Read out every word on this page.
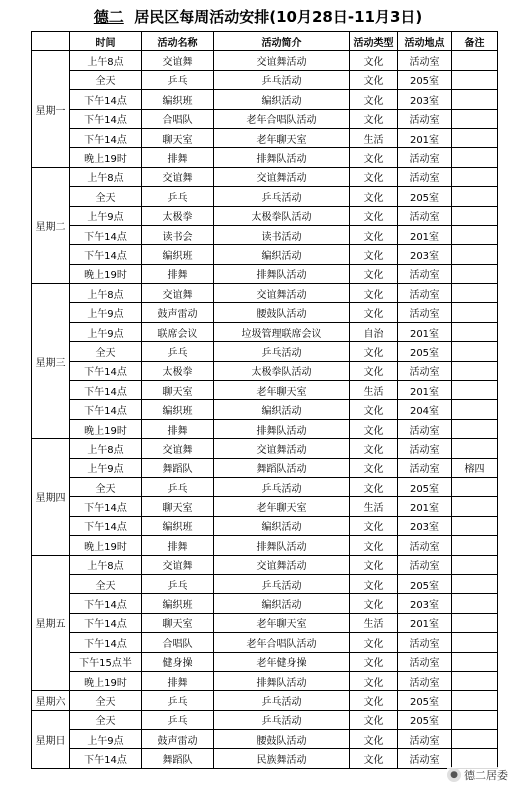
德二 居民区每周活动安排(10月28日-11月3日)
	时间	活动名称	活动简介	活动类型	活动地点	备注
星期一	上午8点	交谊舞	交谊舞活动	文化	活动室	
	全天	乒乓	乒乓活动	文化	205室	
	下午14点	编织班	编织活动	文化	203室	
	下午14点	合唱队	老年合唱队活动	文化	活动室	
	下午14点	聊天室	老年聊天室	生活	201室	
	晚上19时	排舞	排舞队活动	文化	活动室	
星期二	上午8点	交谊舞	交谊舞活动	文化	活动室	
	全天	乒乓	乒乓活动	文化	205室	
	上午9点	太极拳	太极拳队活动	文化	活动室	
	下午14点	读书会	读书活动	文化	201室	
	下午14点	编织班	编织活动	文化	203室	
	晚上19时	排舞	排舞队活动	文化	活动室	
星期三	上午8点	交谊舞	交谊舞活动	文化	活动室	
	上午9点	鼓声雷动	腰鼓队活动	文化	活动室	
	上午9点	联席会议	垃圾管理联席会议	自治	201室	
	全天	乒乓	乒乓活动	文化	205室	
	下午14点	太极拳	太极拳队活动	文化	活动室	
	下午14点	聊天室	老年聊天室	生活	201室	
	下午14点	编织班	编织活动	文化	204室	
	晚上19时	排舞	排舞队活动	文化	活动室	
星期四	上午8点	交谊舞	交谊舞活动	文化	活动室	
	上午9点	舞蹈队	舞蹈队活动	文化	活动室	榕四
	全天	乒乓	乒乓活动	文化	205室	
	下午14点	聊天室	老年聊天室	生活	201室	
	下午14点	编织班	编织活动	文化	203室	
	晚上19时	排舞	排舞队活动	文化	活动室	
星期五	上午8点	交谊舞	交谊舞活动	文化	活动室	
	全天	乒乓	乒乓活动	文化	205室	
	下午14点	编织班	编织活动	文化	203室	
	下午14点	聊天室	老年聊天室	生活	201室	
	下午14点	合唱队	老年合唱队活动	文化	活动室	
	下午15点半	健身操	老年健身操	文化	活动室	
	晚上19时	排舞	排舞队活动	文化	活动室	
星期六	全天	乒乓	乒乓活动	文化	205室	
星期日	全天	乒乓	乒乓活动	文化	205室	
	上午9点	鼓声雷动	腰鼓队活动	文化	活动室	
	下午14点	舞蹈队	民族舞活动	文化	活动室	
● 德二居委
